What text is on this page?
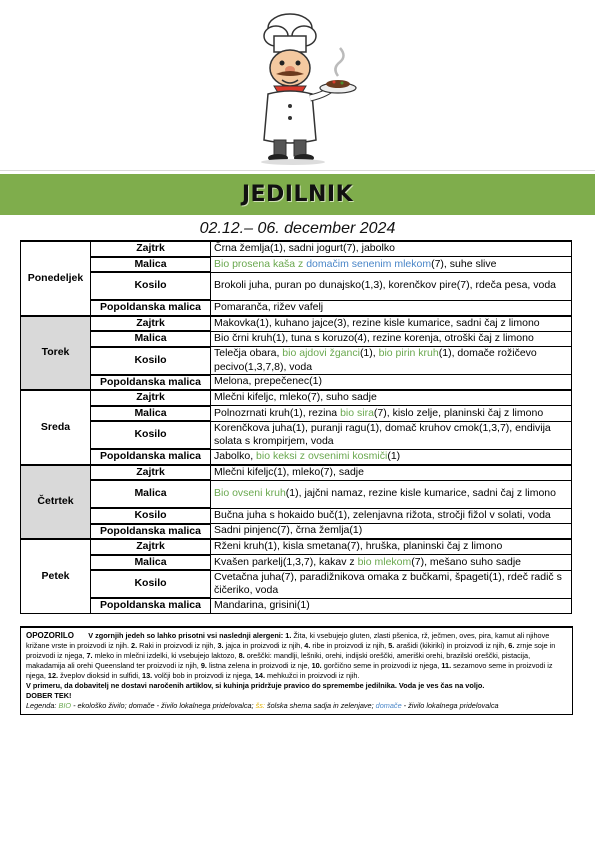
JEDILNIK
02.12.– 06. december 2024
Ponedeljek	Zajtrk	Črna žemlja(1), sadni jogurt(7), jabolko
	Malica	Bio prosena kaša z domačim senenim mlekom(7), suhe slive
	Kosilo	Brokoli juha, puran po dunajsko(1,3), korenčkov pire(7), rdeča pesa, voda
	Popoldanska malica	Pomaranča, rižev vafelj
Torek	Zajtrk	Makovka(1), kuhano jajce(3), rezine kisle kumarice, sadni čaj z limono
	Malica	Bio črni kruh(1), tuna s koruzo(4), rezine korenja, otroški čaj z limono
	Kosilo	Telečja obara, bio ajdovi žganci(1), bio pirin kruh(1), domače rožičevo pecivo(1,3,7,8), voda
	Popoldanska malica	Melona, prepečenec(1)
Sreda	Zajtrk	Mlečni kifeljc, mleko(7), suho sadje
	Malica	Polnozrnati kruh(1), rezina bio sira(7), kislo zelje, planinski čaj z limono
	Kosilo	Korenčkova juha(1), puranji ragu(1), domač kruhov cmok(1,3,7), endivija solata s krompirjem, voda
	Popoldanska malica	Jabolko, bio keksi z ovsenimi kosmiči(1)
Četrtek	Zajtrk	Mlečni kifeljc(1), mleko(7), sadje
	Malica	Bio ovseni kruh(1), jajčni namaz, rezine kisle kumarice, sadni čaj z limono
	Kosilo	Bučna juha s hokaido buč(1), zelenjavna rižota, stročji fižol v solati, voda
	Popoldanska malica	Sadni pinjenc(7), črna žemlja(1)
Petek	Zajtrk	Rženi kruh(1), kisla smetana(7), hruška, planinski čaj z limono
	Malica	Kvašen parkelj(1,3,7), kakav z bio mlekom(7), mešano suho sadje
	Kosilo	Cvetačna juha(7), paradižnikova omaka z bučkami, špageti(1), rdeč radič s čičeriko, voda
	Popoldanska malica	Mandarina, grisini(1)
OPOZORILO V zgornjih jedeh so lahko prisotni vsi naslednji alergeni: 1. Žita, ki vsebujejo gluten, zlasti pšenica, rž, ječmen, oves, pira, kamut ali njihove križane vrste in proizvodi iz njih. 2. Raki in proizvodi iz njih, 3. jajca in proizvodi iz njih, 4. ribe in proizvodi iz njih, 5. arašidi (kikiriki) in proizvodi iz njih, 6. zrnje soje in proizvodi iz njega, 7. mleko in mlečni izdelki, ki vsebujejo laktozo, 8. oreščki: mandlji, lešniki, orehi, indijski oreščki, ameriški orehi, brazilski oreščki, pistacija, makadamija ali orehi Queensland ter proizvodi iz njih, 9. listna zelena in proizvodi iz nje, 10. gorčično seme in proizvodi iz njega, 11. sezamovo seme in proizvodi iz njega, 12. žveplov dioksid in sulfidi, 13. volčji bob in proizvodi iz njega, 14. mehkužci in proizvodi iz njih.
V primeru, da dobavitelj ne dostavi naročenih artiklov, si kuhinja pridržuje pravico do spremembe jedilnika. Voda je ves čas na voljo.
DOBER TEK!
Legenda: BIO - ekološko živilo; domače - živilo lokalnega pridelovalca; šs: šolska shema sadja in zelenjave; domače - živilo lokalnega pridelovalca
